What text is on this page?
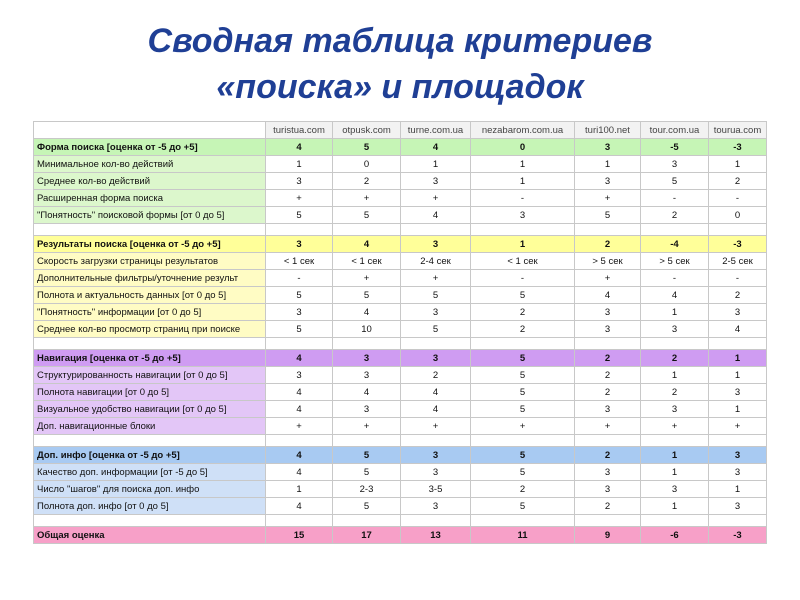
Сводная таблица критериев
«поиска» и площадок
	turistua.com	otpusk.com	turne.com.ua	nezabarom.com.ua	turi100.net	tour.com.ua	tourua.com
Форма поиска [оценка от -5 до +5]	4	5	4	0	3	-5	-3
Минимальное кол-во действий	1	0	1	1	1	3	1
Среднее кол-во действий	3	2	3	1	3	5	2
Расширенная форма поиска	+	+	+	-	+	-	-
"Понятность" поисковой формы [от 0 до 5]	5	5	4	3	5	2	0

Результаты поиска [оценка от -5 до +5]	3	4	3	1	2	-4	-3
Скорость загрузки страницы результатов	< 1 сек	< 1 сек	2-4 сек	< 1 сек	> 5 сек	> 5 сек	2-5 сек
Дополнительные фильтры/уточнение результ	-	+	+	-	+	-	-
Полнота и актуальность данных [от 0 до 5]	5	5	5	5	4	4	2
"Понятность" информации [от 0 до 5]	3	4	3	2	3	1	3
Среднее кол-во просмотр страниц при поиске	5	10	5	2	3	3	4

Навигация [оценка от -5 до +5]	4	3	3	5	2	2	1
Структурированность навигации [от 0 до 5]	3	3	2	5	2	1	1
Полнота навигации [от 0 до 5]	4	4	4	5	2	2	3
Визуальное удобство навигации [от 0 до 5]	4	3	4	5	3	3	1
Доп. навигационные блоки	+	+	+	+	+	+	+

Доп. инфо [оценка от -5 до +5]	4	5	3	5	2	1	3
Качество доп. информации [от -5 до 5]	4	5	3	5	3	1	3
Число "шагов" для поиска доп. инфо	1	2-3	3-5	2	3	3	1
Полнота доп. инфо [от 0 до 5]	4	5	3	5	2	1	3

Общая оценка	15	17	13	11	9	-6	-3
